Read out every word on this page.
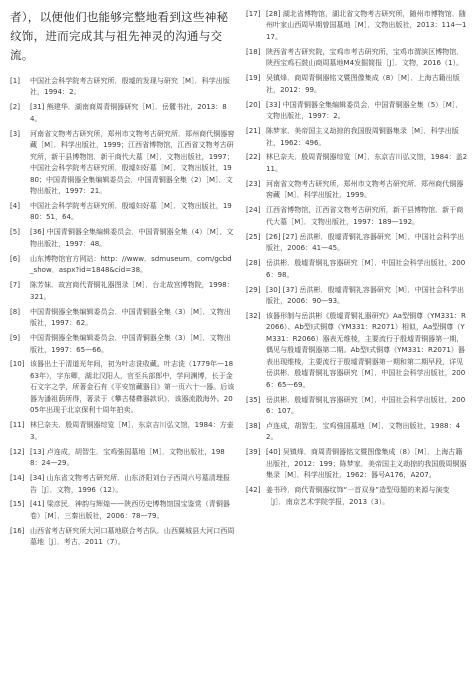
者），以便他们也能够完整地看到这些神秘纹饰，进而完成其与祖先神灵的沟通与交流。

[1]	中国社会科学院考古研究所．殷墟的发现与研究［M］．科学出版社，1994：2。
[2]	[31] 熊建华．湖南商周青铜器研究［M］．岳麓书社，2013：84。
[3]	河南省文物考古研究所，郑州市文物考古研究所．郑州商代铜器窖藏［M］．科学出版社，1999；江西省博物馆，江西省文物考古研究所，新干县博物馆．新干商代大墓［M］．文物出版社，1997；中国社会科学院考古研究所．殷墟妇好墓［M］．文物出版社，1980；中国青铜器全集编辑委员会．中国青铜器全集（2）［M］．文物出版社，1997：21。
[4]	中国社会科学院考古研究所．殷墟妇好墓［M］．文物出版社，1980：51，64。
[5]	[36] 中国青铜器全集编辑委员会．中国青铜器全集（4）［M］．文物出版社，1997：48。
[6]	山东博物馆官方网站：http：//www．sdmuseum．com/gcbd_show．aspx?id=1848&cid=38。
[7]	陈芳妹．故宫商代青铜礼器图录［M］．台北故宫博物院，1998：321。
[8]	中国青铜器全集编辑委员会．中国青铜器全集（3）［M］．文物出版社，1997：62。
[9]	中国青铜器全集编辑委员会．中国青铜器全集（3）［M］．文物出版社，1997：65—66。
[10] 该器出土于清道光年间，初为叶志诜收藏。叶志诜（1779年—1863年），字东卿，湖北汉阳人，官至兵部郎中，学问渊博，长于金石文字之学，所著金石有《平安馆藏器目》第一页六十一器。后该器为潘祖荫所得，著录于《攀古楼彝器款识》．该器流散海外。2005年出现于北京保利十周年拍卖。
[11] 林巳奈夫．殷周青铜器综览［M］．东京吉川弘文馆，1984：方壶3。
[12] [13] 卢连成，胡智生．宝鸡強国墓地［M］．文物出版社，1988：24—29。
[14] [34] 山东省文物考古研究所．山东济阳刘台子西周六号墓清理报告［J］．文物，1996（12）。
[15] [41] 梁彦民．神韵与辉煌——陕西历史博物馆国宝鉴赏（青铜器卷）［M］．三秦出版社，2006：78—79。
[16] 山西省考古研究所大河口墓地联合考古队．山西翼城县大河口西周墓地［J］．考古，2011（7）。
[17] [28] 湖北省博物馆，湖北省文物考古研究所，随州市博物馆．随州叶家山西周早期曾国墓地［M］．文物出版社，2013：114—117。
[18] 陕西省考古研究院，宝鸡市考古研究所，宝鸡市渭滨区博物馆．陕西宝鸡石鼓山商周墓地M4发掘简报［J］．文物，2016（1）。
[19] 吴镇烽．商周青铜器铭文暨图像集成（8）［M］．上海古籍出版社，2012：99。
[20] [33] 中国青铜器全集编辑委员会．中国青铜器全集（5）［M］．文物出版社，1997：2。
[21] 陈梦家．美帝国主义劫掠的我国殷周铜器集录［M］．科学出版社，1962：496。
[22] 林巳奈夫．殷周青铜器综览［M］．东京吉川弘文馆，1984：盖211。
[23] 河南省文物考古研究所，郑州市文物考古研究所．郑州商代铜器窖藏［M］．科学出版社，1999。
[24] 江西省博物馆，江西省文物考古研究所，新干县博物馆．新干商代大墓［M］．文物出版社，1997：189—192。
[25] [26] [27] 岳洪彬．殷墟青铜礼容器研究［M］．中国社会科学出版社，2006：41—45。
[28] 岳洪彬．殷墟青铜礼容器研究［M］．中国社会科学出版社，2006：98。
[29] [30] [37] 岳洪彬．殷墟青铜礼容器研究［M］．中国社会科学出版社，2006：90—93。
[32] 该器形制与岳洪彬《殷墟青铜礼器研究》Aa型铜尊（YM331：R2066）、Ab型Ⅰ式铜尊（YM331：R2071）相似，Aa型铜尊（YM331：R2066）器表无维棱，主要流行于殷墟青铜器第一期，偶见与殷墟青铜器第二期。Ab型Ⅰ式铜尊（YM331：R2071）器表出现维棱，主要流行于殷墟青铜器第一期和第二期早段，详见岳洪彬．殷墟青铜礼容器研究［M］．中国社会科学出版社，2006：65—69。
[35] 岳洪彬．殷墟青铜礼容器研究［M］．中国社会科学出版社，2006：107。
[38] 卢连成，胡智生．宝鸡強国墓地［M］．文物出版社，1988：42。
[39] [40] 吴镇烽．商周青铜器铭文暨图像集成（8）［M］．上海古籍出版社，2012：199；陈梦家．美帝国主义劫掠的我国殷周铜器集录［M］．科学出版社，1962：器号A176，A207。
[42] 姜书玲．商代青铜器纹饰“一首双身”造型母题的来源与演变［J］．南京艺术学院学报，2013（3）。
